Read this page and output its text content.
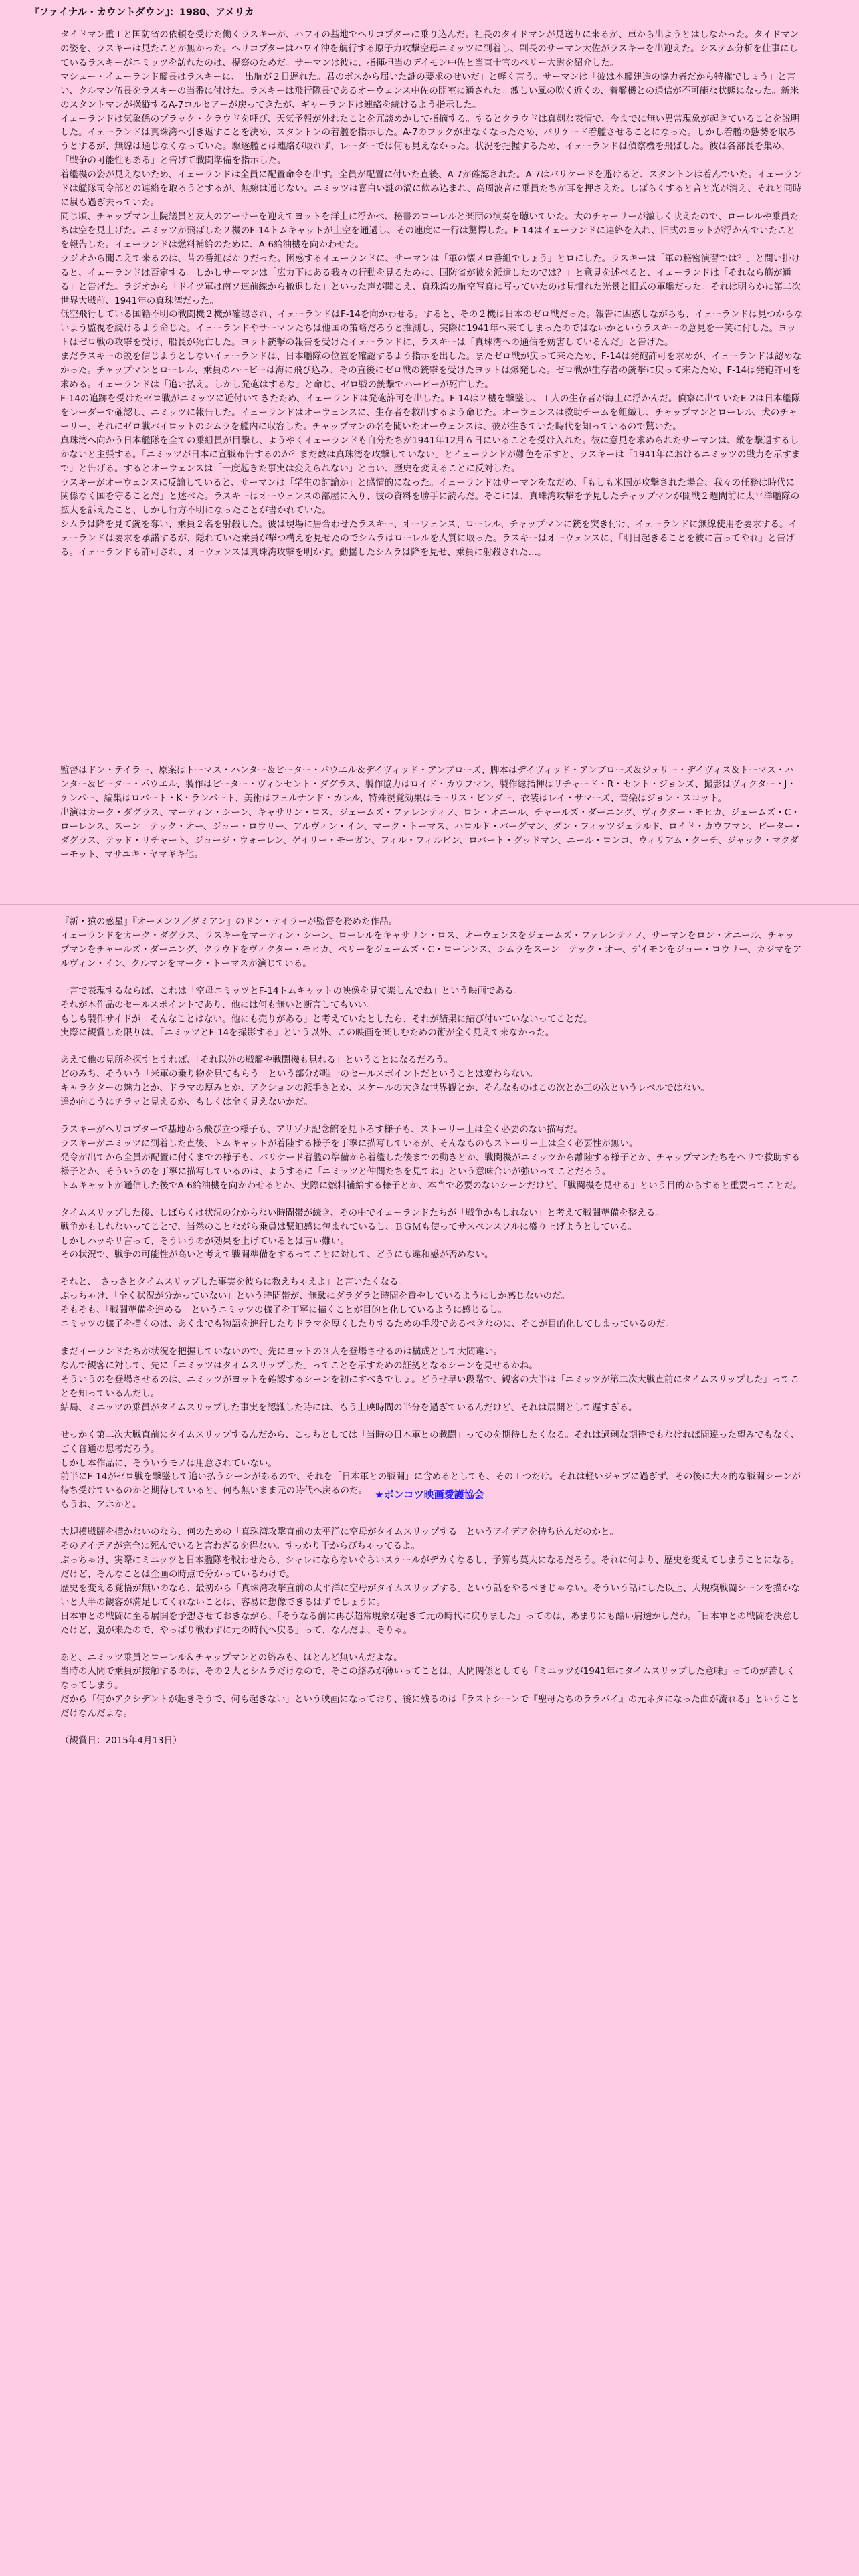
『ファイナル・カウントダウン』：1980、アメリカ

タイドマン重工と国防省の依頼を受けた働くラスキーが、ハワイの基地でヘリコプターに乗り込んだ。社長のタイドマンが見送りに来るが、車から出ようとはしなかった。タイドマンの姿を、ラスキーは見たことが無かった。ヘリコプターはハワイ沖を航行する原子力攻撃空母ニミッツに到着し、副長のサーマン大佐がラスキーを出迎えた。システム分析を仕事にしているラスキーがニミッツを訪れたのは、視察のためだ。サーマンは彼に、指揮担当のデイモン中佐と当直士官のペリー大尉を紹介した。

マシュー・イェーランド艦長はラスキーに、「出航が２日遅れた。君のボスから届いた謎の要求のせいだ」と軽く言う。サーマンは「彼は本艦建造の協力者だから特権でしょう」と言い、クルマン伍長をラスキーの当番に付けた。ラスキーは飛行隊長であるオーウェンス中佐の開室に通された。激しい風の吹く近くの、着艦機との通信が不可能な状態になった。新米のスタントマンが操縦するA-7コルセアーが戻ってきたが、ギャーランドは連絡を続けるよう指示した。

イェーランドは気象係のブラック・クラウドを呼び、天気予報が外れたことを冗談めかして指摘する。するとクラウドは真剣な表情で、今までに無い異常現象が起きていることを説明した。イェーランドは真珠湾へ引き返すことを決め、スタントンの着艦を指示した。A-7のフックが出なくなったため、バリケード着艦させることになった。しかし着艦の態勢を取ろうとするが、無線は通じなくなっていた。駆逐艦とは連絡が取れず、レーダーでは何も見えなかった。状況を把握するため、イェーランドは偵察機を飛ばした。彼は各部長を集め、「戦争の可能性もある」と告げて戦闘準備を指示した。

着艦機の姿が見えないため、イェーランドは全員に配置命令を出す。全員が配置に付いた直後、A-7が確認された。A-7はバリケードを避けると、スタントンは着んでいた。イェーランドは艦隊司令部との連絡を取ろうとするが、無線は通じない。ニミッツは喜白い謎の渦に飲み込まれ、高周波音に乗員たちが耳を押さえた。しばらくすると音と光が消え、それと同時に嵐も過ぎ去っていた。

同じ頃、チャップマン上院議員と友人のアーサーを迎えてヨットを洋上に浮かべ、秘書のローレルと楽団の演奏を聴いていた。大のチャーリーが激しく吠えたので、ローレルや乗員たちは空を見上げた。ニミッツが飛ばした２機のF-14トムキャットが上空を通過し、その速度に一行は驚愕した。F-14はイェーランドに連絡を入れ、旧式のヨットが浮かんでいたことを報告した。イェーランドは燃料補給のために、A-6給油機を向かわせた。

ラジオから聞こえて来るのは、昔の番組ばかりだった。困惑するイェーランドに、サーマンは「軍の懐メロ番組でしょう」とロにした。ラスキーは「軍の秘密演習では？」と問い掛けると、イェーランドは否定する。しかしサーマンは「広力下にある我々の行動を見るために、国防省が彼を派遣したのでは？」と意見を述べると、イェーランドは「それなら筋が通る」と告げた。ラジオから「ドイツ軍は南ソ連前線から撤退した」といった声が聞こえ、真珠湾の航空写真に写っていたのは見慣れた光景と旧式の軍艦だった。それは明らかに第二次世界大戦前、1941年の真珠湾だった。

低空飛行している国籍不明の戦闘機２機が確認され、イェーランドはF-14を向かわせる。すると、その２機は日本のゼロ戦だった。報告に困惑しながらも、イェーランドは見つからないよう監視を続けるよう命じた。イェーランドやサーマンたちは他国の策略だろうと推測し、実際に1941年へ来てしまったのではないかというラスキーの意見を一笑に付した。ヨットはゼロ戦の攻撃を受け、船長が死亡した。ヨット銃撃の報告を受けたイェーランドに、ラスキーは「真珠湾への通信を妨害しているんだ」と告げた。

まだラスキーの説を信じようとしないイェーランドは、日本艦隊の位置を確認するよう指示を出した。またゼロ戦が戻って来たため、F-14は発砲許可を求めが、イェーランドは認めなかった。チャップマンとローレル、乗員のハービーは海に飛び込み、その直後にゼロ戦の銃撃を受けたヨットは爆発した。ゼロ戦が生存者の銃撃に戻って来たため、F-14は発砲許可を求める。イェーランドは「追い払え。しかし発砲はするな」と命じ、ゼロ戦の銃撃でハービーが死亡した。

F-14の追跡を受けたゼロ戦がニミッツに近付いてきたため、イェーランドは発砲許可を出した。F-14は２機を撃墜し、１人の生存者が海上に浮かんだ。偵察に出ていたE-2は日本艦隊をレーダーで確認し、ニミッツに報告した。イェーランドはオーウェンスに、生存者を救出するよう命じた。オーウェンスは救助チームを組織し、チャップマンとローレル、犬のチャーリー、それにゼロ戦パイロットのシムラを艦内に収容した。チャップマンの名を聞いたオーウェンスは、彼が生きていた時代を知っているので驚いた。

真珠湾へ向かう日本艦隊を全ての乗組員が目撃し、ようやくイェーランドも自分たちが1941年12月６日にいることを受け入れた。彼に意見を求められたサーマンは、敵を撃退するしかないと主張する。「ニミッツが日本に宣戦布告するのか？まだ敵は真珠湾を攻撃していない」とイェーランドが難色を示すと、ラスキーは「1941年におけるニミッツの戦力を示すまで」と告げる。するとオーウェンスは「一度起きた事実は変えられない」と言い、歴史を変えることに反対した。

ラスキーがオーウェンスに反論していると、サーマンは「学生の討論か」と感情的になった。イェーランドはサーマンをなだめ、「もしも米国が攻撃された場合、我々の任務は時代に関係なく国を守ることだ」と述べた。ラスキーはオーウェンスの部屋に入り、彼の資料を勝手に読んだ。そこには、真珠湾攻撃を予見したチャップマンが開戦２週間前に太平洋艦隊の拡大を訴えたこと、しかし行方不明になったことが書かれていた。

シムラは降を見て銃を奪い、乗員２名を射殺した。彼は現場に居合わせたラスキー、オーウェンス、ローレル、チャップマンに銃を突き付け、イェーランドに無線使用を要求する。イェーランドは要求を承諾するが、隠れていた乗員が撃つ構えを見せたのでシムラはローレルを人質に取った。ラスキーはオーウェンスに、「明日起きることを彼に言ってやれ」と告げる。イェーランドも許可され、オーウェンスは真珠湾攻撃を明かす。動揺したシムラは降を見せ、乗員に射殺された…。

監督はドン・テイラー、原案はトーマス・ハンター＆ピーター・パウエル＆デイヴィッド・アンブローズ、脚本はデイヴィッド・アンブローズ＆ジェリー・デイヴィス＆トーマス・ハンター＆ピーター・パウエル、製作はピーター・ヴィンセント・ダグラス、製作協力はロイド・カウフマン、製作総指揮はリチャード・R・セント・ジョンズ、撮影はヴィクター・J・ケンパー、編集はロバート・K・ランバート、美術はフェルナンド・カレル、特殊視覚効果はモーリス・ビンダー、衣装はレイ・サマーズ、音楽はジョン・スコット。

出演はカーク・ダグラス、マーティン・シーン、キャサリン・ロス、ジェームズ・ファレンティノ、ロン・オニール、チャールズ・ダーニング、ヴィクター・モヒカ、ジェームズ・C・ローレンス、スーン＝テック・オー、ジョー・ロウリー、アルヴィン・イン、マーク・トーマス、ハロルド・バーグマン、ダン・フィッツジェラルド、ロイド・カウフマン、ピーター・ダグラス、テッド・リチャート、ジョージ・ウォーレン、ゲイリー・モーガン、フィル・フィルビン、ロバート・グッドマン、ニール・ロンコ、ウィリアム・クーチ、ジャック・マクダーモット、マサユキ・ヤマギキ他。

『新・猿の惑星』『オーメン２／ダミアン』のドン・テイラーが監督を務めた作品。
イェーランドをカーク・ダグラス、ラスキーをマーティン・シーン、ローレルをキャサリン・ロス、オーウェンスをジェームズ・ファレンティノ、サーマンをロン・オニール、チャップマンをチャールズ・ダーニング、クラウドをヴィクター・モヒカ、ペリーをジェームズ・C・ローレンス、シムラをスーン＝テック・オー、デイモンをジョー・ロウリー、カジマをアルヴィン・イン、クルマンをマーク・トーマスが演じている。

一言で表現するならば、これは「空母ニミッツとF-14トムキャットの映像を見て楽しんでね」という映画である。
それが本作品のセールスポイントであり、他には何も無いと断言してもいい。
もしも製作サイドが「そんなことはない。他にも売りがある」と考えていたとしたら、それが結果に結び付いていないってことだ。
実際に観賞した限りは、「ニミッツとF-14を撮影する」という以外、この映画を楽しむための術が全く見えて来なかった。

あえて他の見所を探すとすれば、「それ以外の戦艦や戦闘機も見れる」ということになるだろう。
どのみち、そういう「米軍の乗り物を見てもらう」という部分が唯一のセールスポイントだということは変わらない。
キャラクターの魅力とか、ドラマの厚みとか、アクションの派手さとか、スケールの大きな世界観とか、そんなものはこの次とか三の次というレベルではない。
遥か向こうにチラッと見えるか、もしくは全く見えないかだ。

ラスキーがヘリコプターで基地から飛び立つ様子も、アリゾナ記念館を見下ろす様子も、ストーリー上は全く必要のない描写だ。
ラスキーがニミッツに到着した直後、トムキャットが着陸する様子を丁寧に描写しているが、そんなものもストーリー上は全く必要性が無い。
発令が出てから全員が配置に付くまでの様子も、バリケード着艦の準備から着艦した後までの動きとか、戦闘機がニミッツから離陸する様子とか、チャップマンたちをヘリで救助する様子とか、そういうのを丁寧に描写しているのは、ようするに「ニミッツと仲間たちを見てね」という意味合いが強いってことだろう。
トムキャットが通信した後でA-6給油機を向かわせるとか、実際に燃料補給する様子とか、本当で必要のないシーンだけど、「戦闘機を見せる」という目的からすると重要ってことだ。

タイムスリップした後、しばらくは状況の分からない時間帯が続き、その中でイェーランドたちが「戦争かもしれない」と考えて戦闘準備を整える。
戦争かもしれないってことで、当然のことながら乗員は緊迫感に包まれているし、ＢＧＭも使ってサスペンスフルに盛り上げようとしている。
しかしハッキリ言って、そういうのが効果を上げているとは言い難い。
その状況で、戦争の可能性が高いと考えて戦闘準備をするってことに対して、どうにも違和感が否めない。

それと、「さっさとタイムスリップした事実を彼らに教えちゃえよ」と言いたくなる。
ぶっちゃけ、「全く状況が分かっていない」という時間帯が、無駄にダラダラと時間を費やしているようにしか感じないのだ。
そもそも、「戦闘準備を進める」というニミッツの様子を丁寧に描くことが目的と化しているように感じるし。
ニミッツの様子を描くのは、あくまでも物語を進行したりドラマを厚くしたりするための手段であるべきなのに、そこが目的化してしまっているのだ。

まだイーランドたちが状況を把握していないので、先にヨットの３人を登場させるのは構成として大間違い。
なんで観客に対して、先に「ニミッツはタイムスリップした」ってことを示すための証拠となるシーンを見せるかね。
そういうのを登場させるのは、ニミッツがヨットを確認するシーンを初にすべきでしょ。どうせ早い段階で、観客の大半は「ニミッツが第二次大戦直前にタイムスリップした」ってことを知っているんだし。
結局、ミニッツの乗員がタイムスリップした事実を認識した時には、もう上映時間の半分を過ぎているんだけど、それは展開として遅すぎる。

せっかく第二次大戦直前にタイムスリップするんだから、こっちとしては「当時の日本軍との戦闘」ってのを期待したくなる。それは過剰な期待でもなければ間違った望みでもなく、ごく普通の思考だろう。
しかし本作品に、そういうモノは用意されていない。
前半にF-14がゼロ戦を撃墜して追い払うシーンがあるので、それを「日本軍との戦闘」に含めるとしても、その１つだけ。それは軽いジャブに過ぎず、その後に大々的な戦闘シーンが待ち受けているのかと期待していると、何も無いまま元の時代へ戻るのだ。
もうね、アホかと。

大規模戦闘を描かないのなら、何のための「真珠湾攻撃直前の太平洋に空母がタイムスリップする」というアイデアを持ち込んだのかと。
そのアイデアが完全に死んでいると言わざるを得ない。すっかり干からびちゃってるよ。
ぶっちゃけ、実際にミニッツと日本艦隊を戦わせたら、シャレにならないぐらいスケールがデカくなるし、予算も莫大になるだろう。それに何より、歴史を変えてしまうことになる。
だけど、そんなことは企画の時点で分かっているわけで。
歴史を変える覚悟が無いのなら、最初から「真珠湾攻撃直前の太平洋に空母がタイムスリップする」という話をやるべきじゃない。そういう話にした以上、大規模戦闘シーンを描かないと大半の観客が満足してくれないことは、容易に想像できるはずでしょうに。
日本軍との戦闘に至る展開を予想させておきながら、「そうなる前に再び超常現象が起きて元の時代に戻りました」ってのは、あまりにも酷い肩透かしだわ。「日本軍との戦闘を決意したけど、嵐が来たので、やっぱり戦わずに元の時代へ戻る」って、なんだよ、そりゃ。

あと、ニミッツ乗員とローレル＆チャップマンとの絡みも、ほとんど無いんだよな。
当時の人間で乗員が接触するのは、その２人とシムラだけなので、そこの絡みが薄いってことは、人間関係としても「ミニッツが1941年にタイムスリップした意味」ってのが苦しくなってしまう。
だから「何かアクシデントが起きそうで、何も起きない」という映画になっており、後に残るのは「ラストシーンで『聖母たちのララバイ』の元ネタになった曲が流れる」ということだけなんだよな。

（観賞日：2015年4月13日）

★ポンコツ映画愛護協会
